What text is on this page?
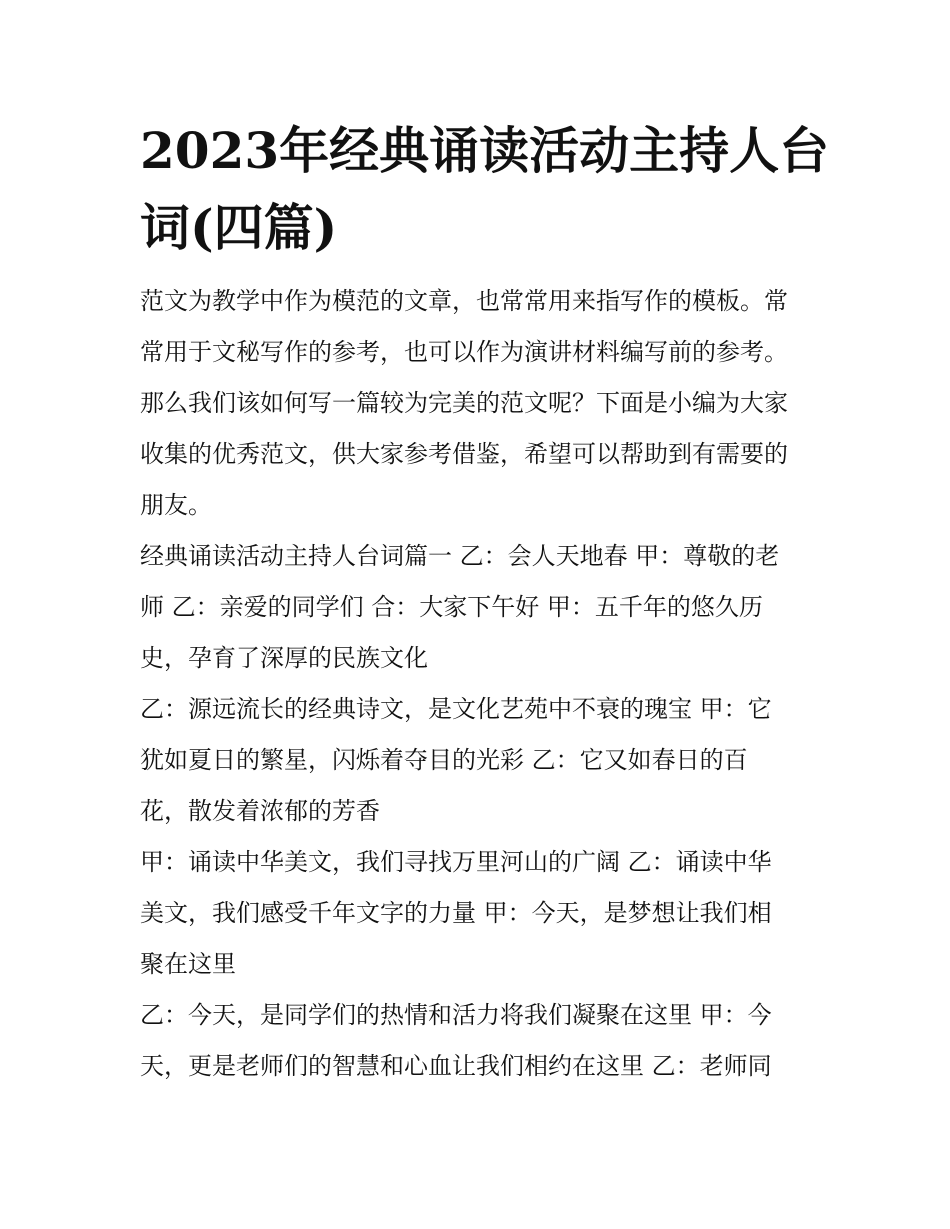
2023年经典诵读活动主持人台
词(四篇)
范文为教学中作为模范的文章，也常常用来指写作的模板。常
常用于文秘写作的参考，也可以作为演讲材料编写前的参考。
那么我们该如何写一篇较为完美的范文呢？下面是小编为大家
收集的优秀范文，供大家参考借鉴，希望可以帮助到有需要的
朋友。
经典诵读活动主持人台词篇一 乙：会人天地春 甲：尊敬的老
师 乙：亲爱的同学们 合：大家下午好 甲：五千年的悠久历
史，孕育了深厚的民族文化
乙：源远流长的经典诗文，是文化艺苑中不衰的瑰宝 甲：它
犹如夏日的繁星，闪烁着夺目的光彩 乙：它又如春日的百
花，散发着浓郁的芳香
甲：诵读中华美文，我们寻找万里河山的广阔 乙：诵读中华
美文，我们感受千年文字的力量 甲：今天，是梦想让我们相
聚在这里
乙：今天，是同学们的热情和活力将我们凝聚在这里 甲：今
天，更是老师们的智慧和心血让我们相约在这里 乙：老师同
